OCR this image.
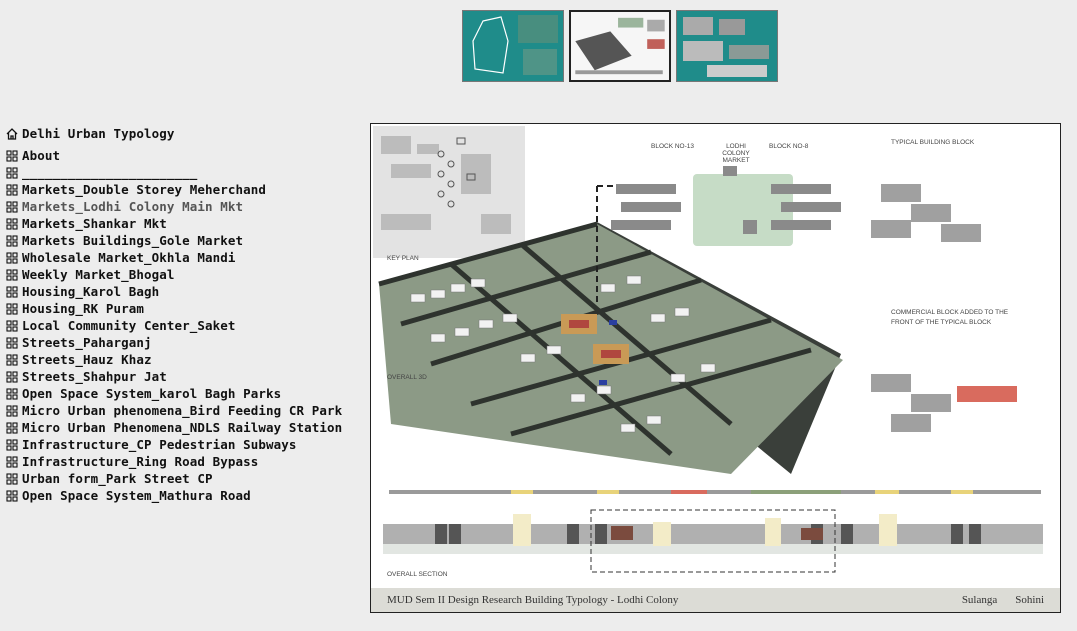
Delhi Urban Typology
About
_______________________
Markets_Double Storey Meherchand
Markets_Lodhi Colony Main Mkt
Markets_Shankar Mkt
Markets Buildings_Gole Market
Wholesale Market_Okhla Mandi
Weekly Market_Bhogal
Housing_Karol Bagh
Housing_RK Puram
Local Community Center_Saket
Streets_Paharganj
Streets_Hauz Khaz
Streets_Shahpur Jat
Open Space System_karol Bagh Parks
Micro Urban phenomena_Bird Feeding CR Park
Micro Urban Phenomena_NDLS Railway Station
Infrastructure_CP Pedestrian Subways
Infrastructure_Ring Road Bypass
Urban form_Park Street CP
Open Space System_Mathura Road
BLOCK NO-13	LODHI COLONY MARKET
BLOCK NO-8
TYPICAL BUILDING BLOCK
KEY PLAN
OVERALL 3D
COMMERCIAL BLOCK ADDED TO THE FRONT OF THE TYPICAL BLOCK
OVERALL SECTION
MUD Sem II Design Research Building Typology - Lodhi Colony	Sulanga Sohini
